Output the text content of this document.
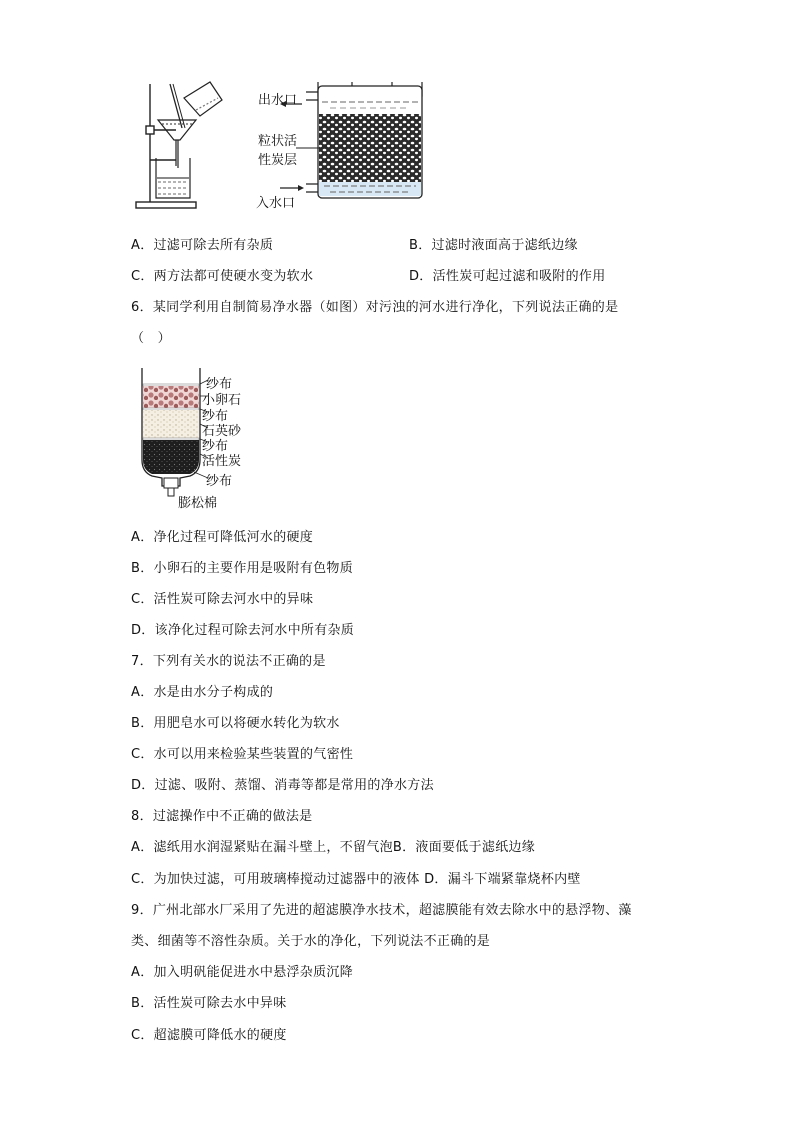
出水口
粒状活
性炭层
入水口
A．过滤可除去所有杂质	B．过滤时液面高于滤纸边缘
C．两方法都可使硬水变为软水	D．活性炭可起过滤和吸附的作用
6．某同学利用自制简易净水器（如图）对污浊的河水进行净化，下列说法正确的是
（　）
纱布
小卵石
纱布
石英砂
纱布
活性炭
纱布
膨松棉
A．净化过程可降低河水的硬度
B．小卵石的主要作用是吸附有色物质
C．活性炭可除去河水中的异味
D．该净化过程可除去河水中所有杂质
7．下列有关水的说法不正确的是
A．水是由水分子构成的
B．用肥皂水可以将硬水转化为软水
C．水可以用来检验某些装置的气密性
D．过滤、吸附、蒸馏、消毒等都是常用的净水方法
8．过滤操作中不正确的做法是
A．滤纸用水润湿紧贴在漏斗壁上，不留气泡B．液面要低于滤纸边缘
C．为加快过滤，可用玻璃棒搅动过滤器中的液体 D．漏斗下端紧靠烧杯内壁
9．广州北部水厂采用了先进的超滤膜净水技术，超滤膜能有效去除水中的悬浮物、藻
类、细菌等不溶性杂质。关于水的净化，下列说法不正确的是
A．加入明矾能促进水中悬浮杂质沉降
B．活性炭可除去水中异味
C．超滤膜可降低水的硬度
